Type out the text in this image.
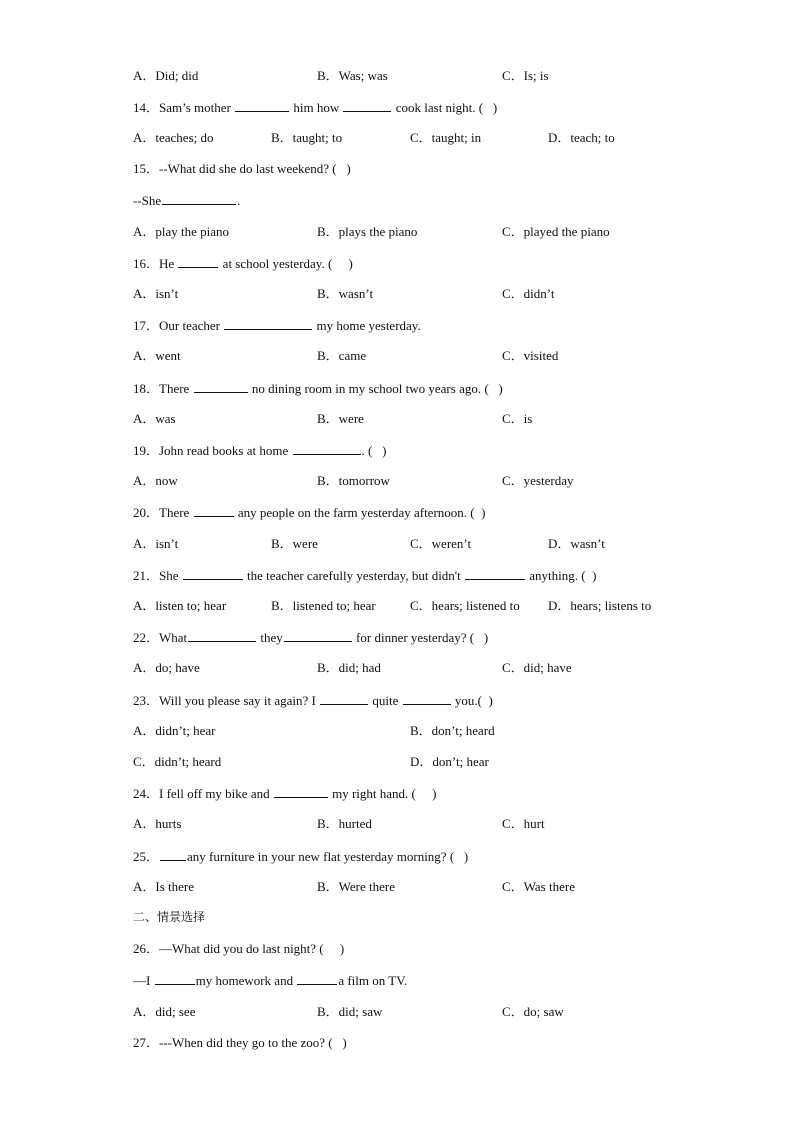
A．Did; did	B．Was; was	C．Is; is
14．Sam’s mother	him how	cook last night. (   )
A．teaches; do	B．taught; to	C．taught; in	D．teach; to
15．--What did she do last weekend? (   )
--She	.
A．play the piano	B．plays the piano	C．played the piano
16．He	at school yesterday. (     )
A．isn’t	B．wasn’t	C．didn’t
17．Our teacher	my home yesterday.
A．went	B．came	C．visited
18．There	no dining room in my school two years ago. (   )
A．was	B．were	C．is
19．John read books at home	. (   )
A．now	B．tomorrow	C．yesterday
20．There	any people on the farm yesterday afternoon. (  )
A．isn’t	B．were	C．weren’t	D．wasn’t
21．She	the teacher carefully yesterday, but didn't	anything. (  )
A．listen to; hear	B．listened to; hear	C．hears; listened to D．hears; listens to
22．What	they	for dinner yesterday? (   )
A．do; have	B．did; had	C．did; have
23．Will you please say it again? I	quite	you.(  )
A．didn’t; hear	B．don’t; heard
C．didn’t; heard	D．don’t; hear
24．I fell off my bike and	my right hand. (     )
A．hurts	B．hurted	C．hurt
25． any furniture in your new flat yesterday morning? (   )
A．Is there	B．Were there	C．Was there
二、情景选择
26．—What did you do last night? (     )
—I	my homework and	a film on TV.
A．did; see	B．did; saw	C．do; saw
27．---When did they go to the zoo? (   )
